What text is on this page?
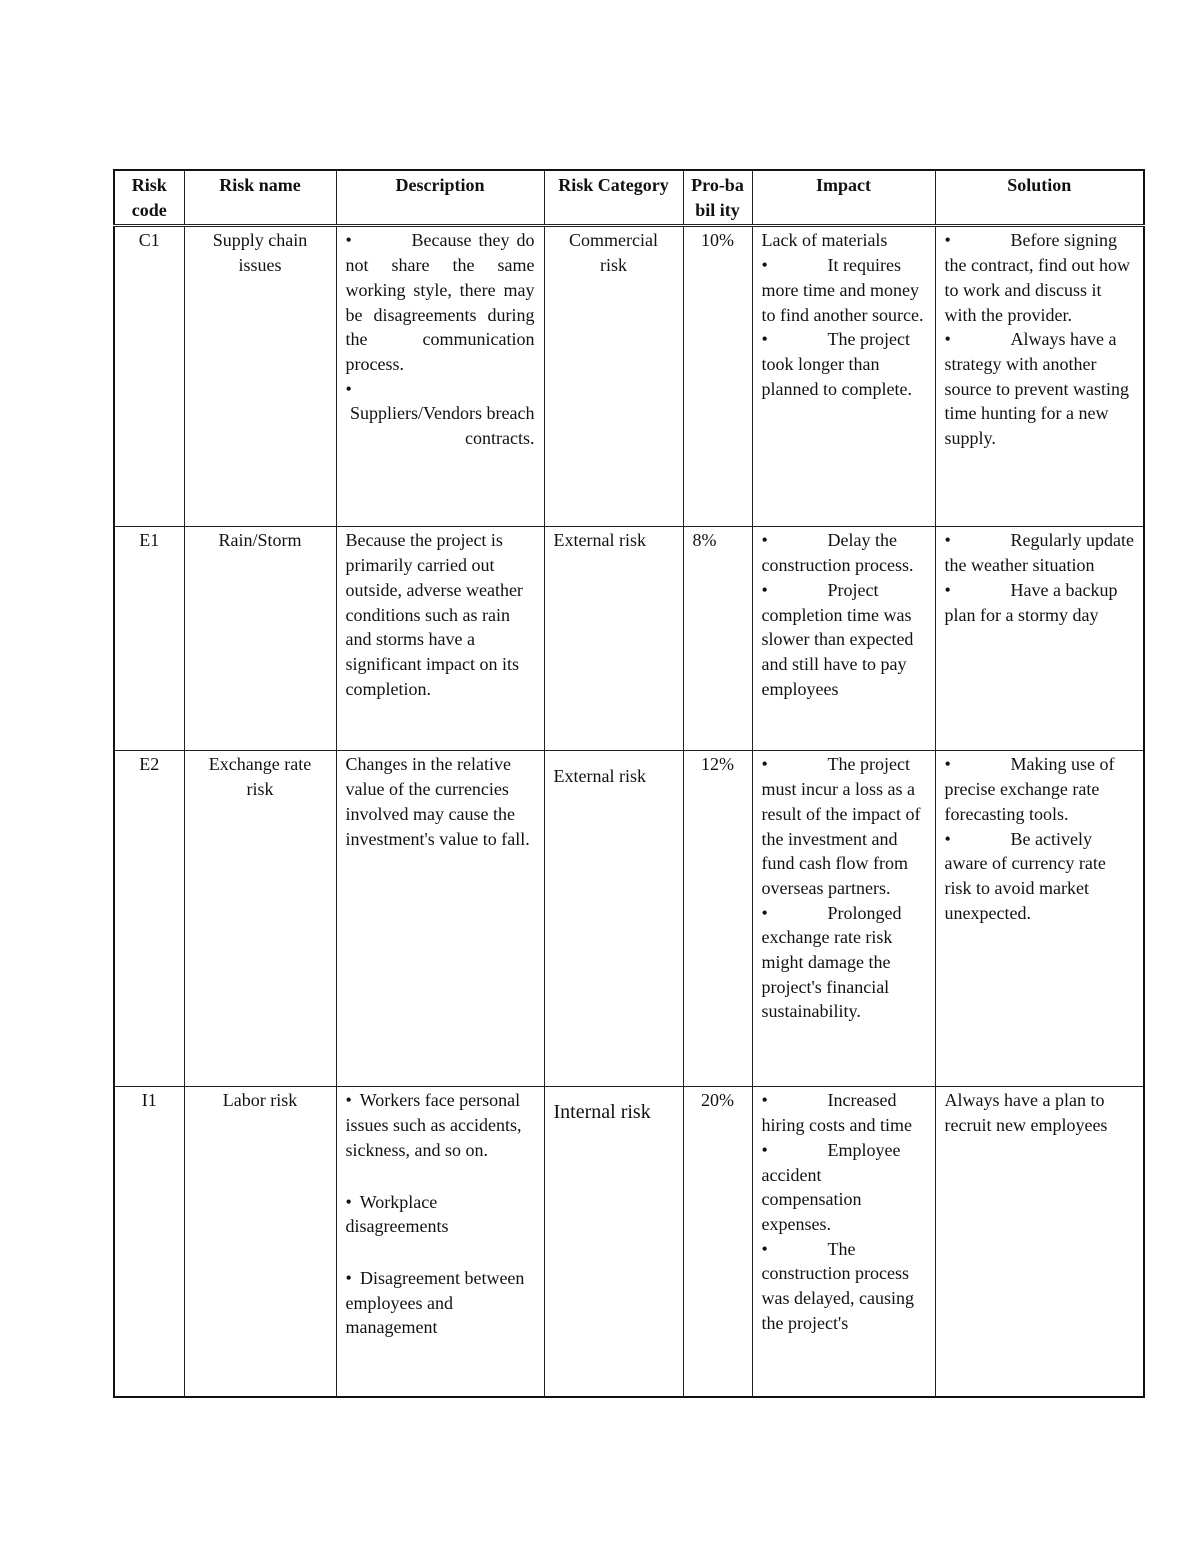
Risk code	Risk name	Description	Risk Category	Pro-babil ity	Impact	Solution
C1	Supply chain issues	• Because they do not share the same working style, there may be disagreements during the communication process.
•
Suppliers/Vendors breach contracts.	Commercial risk	10%	Lack of materials
• It requires more time and money to find another source.
• The project took longer than planned to complete.	• Before signing the contract, find out how to work and discuss it with the provider.
• Always have a strategy with another source to prevent wasting time hunting for a new supply.

E1	Rain/Storm	Because the project is primarily carried out outside, adverse weather conditions such as rain and storms have a significant impact on its completion.	External risk	8%	• Delay the construction process.
• Project completion time was slower than expected and still have to pay employees	• Regularly update the weather situation
• Have a backup plan for a stormy day

E2	Exchange rate risk	Changes in the relative value of the currencies involved may cause the investment's value to fall.	External risk	12%	• The project must incur a loss as a result of the impact of the investment and fund cash flow from overseas partners.
• Prolonged exchange rate risk might damage the project's financial sustainability.	• Making use of precise exchange rate forecasting tools.
• Be actively aware of currency rate risk to avoid market unexpected.

I1	Labor risk	• Workers face personal issues such as accidents, sickness, and so on.
• Workplace disagreements
• Disagreement between employees and management	Internal risk	20%	• Increased hiring costs and time
• Employee accident compensation expenses.
• The construction process was delayed, causing the project's	Always have a plan to recruit new employees
